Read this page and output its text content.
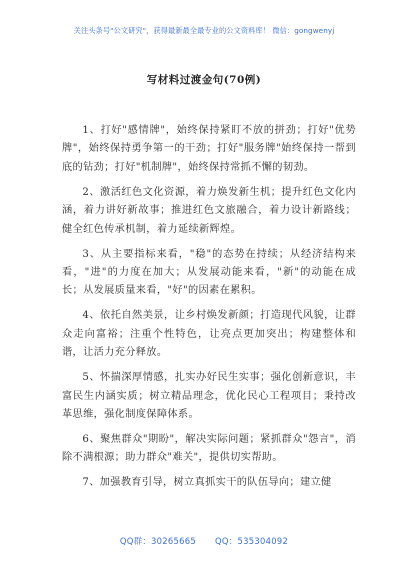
关注头条号"公文研究"，获得最新最全最专业的公文资料库！ 微信：gongwenyj
写材料过渡金句(70例)

1、打好"感情牌"，始终保持紧盯不放的拼劲；打好"优势牌"，始终保持勇争第一的干劲；打好"服务牌"始终保持一帮到底的钻劲；打好"机制牌"，始终保持常抓不懈的韧劲。

2、激活红色文化资源，着力焕发新生机；提升红色文化内涵，着力讲好新故事；推进红色文旅融合，着力设计新路线；健全红色传承机制，着力延续新辉煌。

3、从主要指标来看，"稳"的态势在持续；从经济结构来看，"进"的力度在加大；从发展动能来看，"新"的动能在成长；从发展质量来看，"好"的因素在累积。

4、依托自然美景，让乡村焕发新颜；打造现代风貌，让群众走向富裕；注重个性特色，让亮点更加突出；构建整体和谐，让活力充分释放。

5、怀揣深厚情感，扎实办好民生实事；强化创新意识，丰富民生内涵实质；树立精品理念，优化民心工程项目；秉持改革思维，强化制度保障体系。

6、聚焦群众"期盼"，解决实际问题；紧抓群众"怨言"，消除不满根源；助力群众"难关"，提供切实帮助。

7、加强教育引导，树立真抓实干的队伍导向；建立健

QQ群：30265665 QQ：535304092
